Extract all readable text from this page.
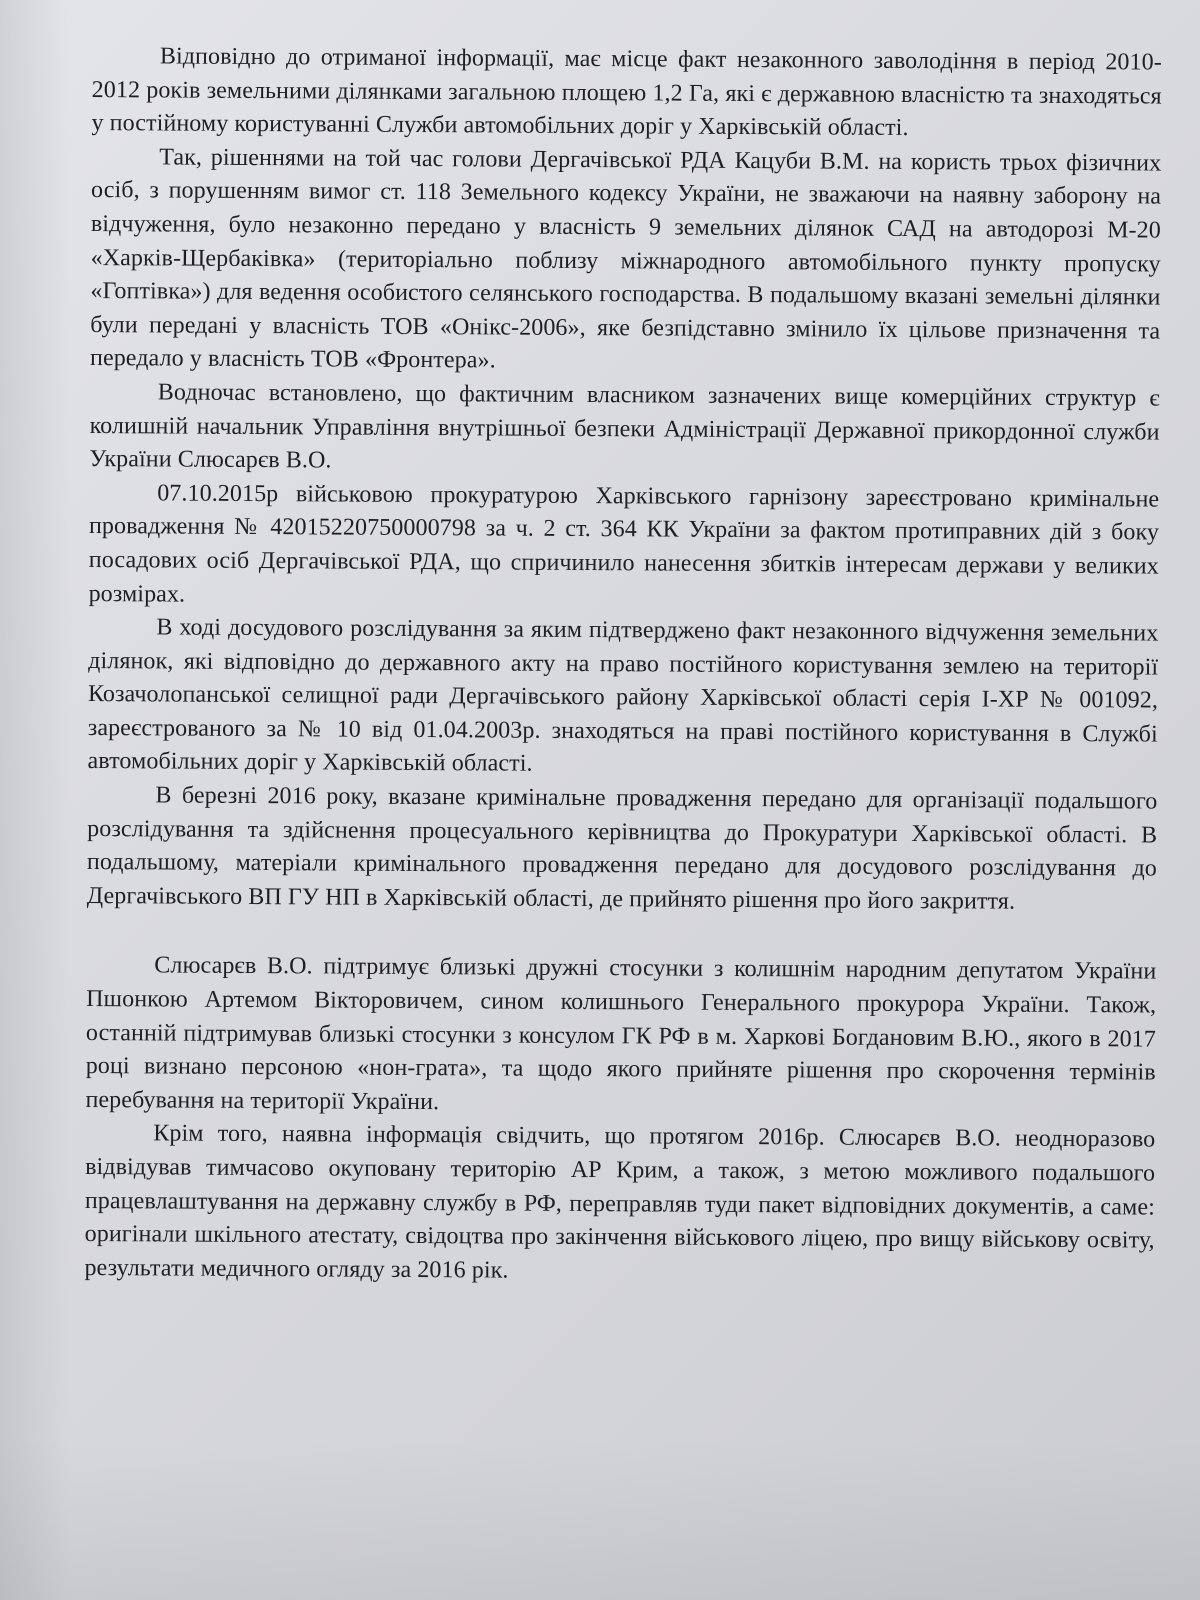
Відповідно до отриманої інформації, має місце факт незаконного заволодіння в період 2010-2012 років земельними ділянками загальною площею 1,2 Га, які є державною власністю та знаходяться у постійному користуванні Служби автомобільних доріг у Харківській області.

Так, рішеннями на той час голови Дергачівської РДА Кацуби В.М. на користь трьох фізичних осіб, з порушенням вимог ст. 118 Земельного кодексу України, не зважаючи на наявну заборону на відчуження, було незаконно передано у власність 9 земельних ділянок САД на автодорозі М-20 «Харків-Щербаківка» (територіально поблизу міжнародного автомобільного пункту пропуску «Гоптівка») для ведення особистого селянського господарства. В подальшому вказані земельні ділянки були передані у власність ТОВ «Онікс-2006», яке безпідставно змінило їх цільове призначення та передало у власність ТОВ «Фронтера».

Водночас встановлено, що фактичним власником зазначених вище комерційних структур є колишній начальник Управління внутрішньої безпеки Адміністрації Державної прикордонної служби України Слюсарєв В.О.

07.10.2015р військовою прокуратурою Харківського гарнізону зареєстровано кримінальне провадження № 42015220750000798 за ч. 2 ст. 364 КК України за фактом протиправних дій з боку посадових осіб Дергачівської РДА, що спричинило нанесення збитків інтересам держави у великих розмірах.

В ході досудового розслідування за яким підтверджено факт незаконного відчуження земельних ділянок, які відповідно до державного акту на право постійного користування землею на території Козачолопанської селищної ради Дергачівського району Харківської області серія І-ХР № 001092, зареєстрованого за № 10 від 01.04.2003р. знаходяться на праві постійного користування в Службі автомобільних доріг у Харківській області.

В березні 2016 року, вказане кримінальне провадження передано для організації подальшого розслідування та здійснення процесуального керівництва до Прокуратури Харківської області. В подальшому, матеріали кримінального провадження передано для досудового розслідування до Дергачівського ВП ГУ НП в Харківській області, де прийнято рішення про його закриття.

Слюсарєв В.О. підтримує близькі дружні стосунки з колишнім народним депутатом України Пшонкою Артемом Вікторовичем, сином колишнього Генерального прокурора України. Також, останній підтримував близькі стосунки з консулом ГК РФ в м. Харкові Богдановим В.Ю., якого в 2017 році визнано персоною «нон-грата», та щодо якого прийняте рішення про скорочення термінів перебування на території України.

Крім того, наявна інформація свідчить, що протягом 2016р. Слюсарєв В.О. неодноразово відвідував тимчасово окуповану територію АР Крим, а також, з метою можливого подальшого працевлаштування на державну службу в РФ, переправляв туди пакет відповідних документів, а саме: оригінали шкільного атестату, свідоцтва про закінчення військового ліцею, про вищу військову освіту, результати медичного огляду за 2016 рік.
